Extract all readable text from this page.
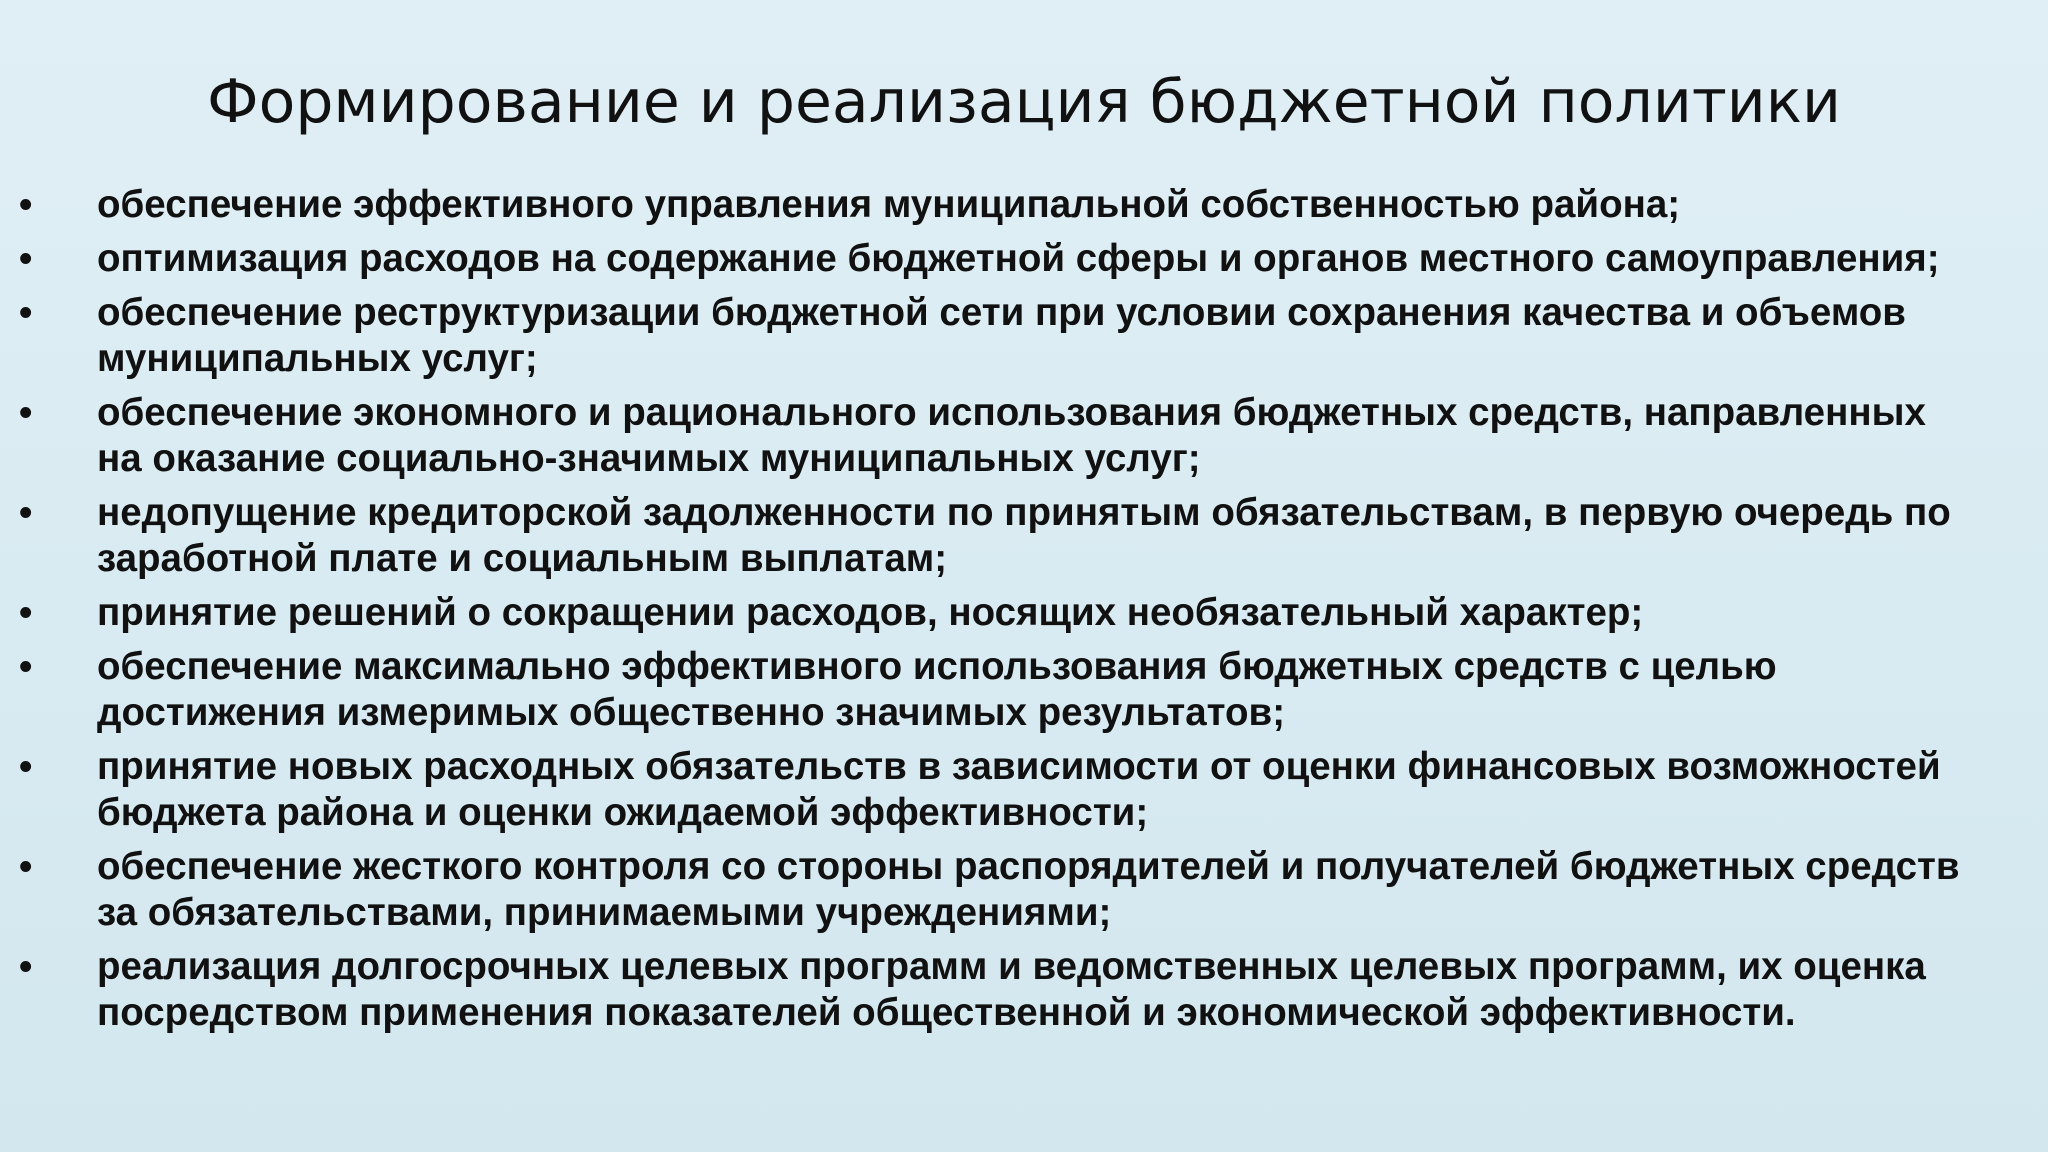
Формирование и реализация бюджетной политики
•	обеспечение эффективного управления муниципальной собственностью района;
•	оптимизация расходов на содержание бюджетной сферы и органов местного самоуправления;
•	обеспечение реструктуризации бюджетной сети при условии сохранения качества и объемов
муниципальных услуг;
•	обеспечение экономного и рационального использования бюджетных средств, направленных
на оказание социально-значимых муниципальных услуг;
•	недопущение кредиторской задолженности по принятым обязательствам, в первую очередь по
заработной плате и социальным выплатам;
•	принятие решений о сокращении расходов, носящих необязательный характер;
•	обеспечение максимально эффективного использования бюджетных средств с целью
достижения измеримых общественно значимых результатов;
•	принятие новых расходных обязательств в зависимости от оценки финансовых возможностей
бюджета района и оценки ожидаемой эффективности;
•	обеспечение жесткого контроля со стороны распорядителей и получателей бюджетных средств
за обязательствами, принимаемыми учреждениями;
•	реализация долгосрочных целевых программ и ведомственных целевых программ, их оценка
посредством применения показателей общественной и экономической эффективности.
